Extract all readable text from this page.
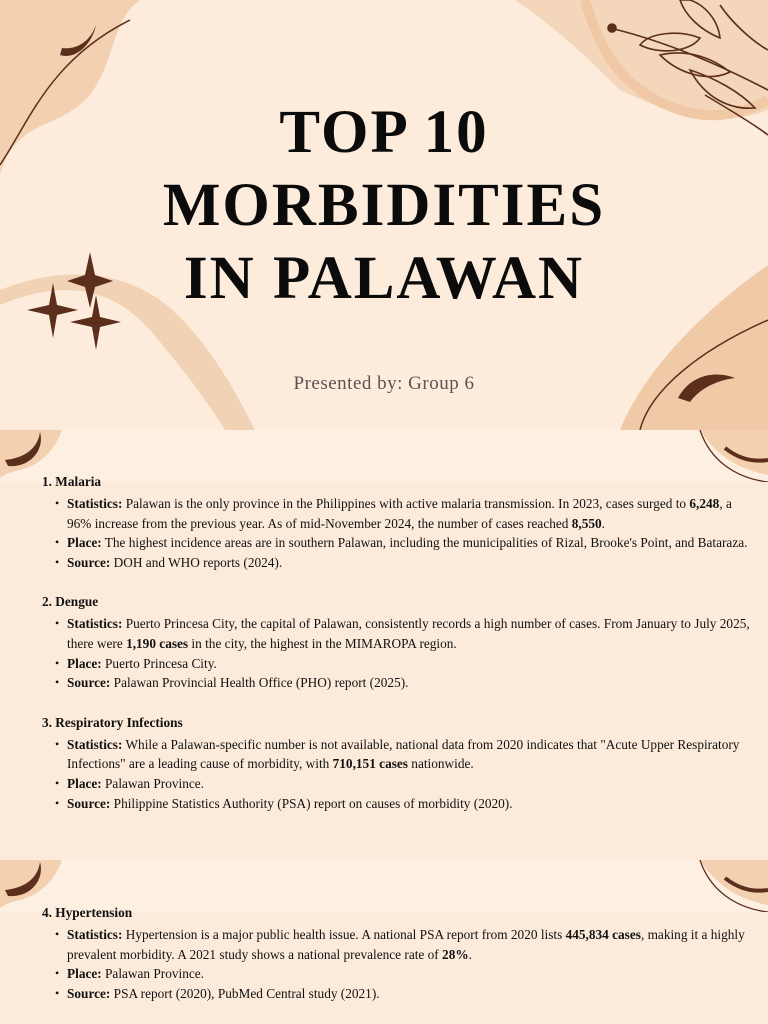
TOP 10
MORBIDITIES
IN PALAWAN
Presented by: Group 6
1. Malaria
• Statistics: Palawan is the only province in the Philippines with active malaria transmission. In 2023, cases surged to 6,248, a 96% increase from the previous year. As of mid-November 2024, the number of cases reached 8,550.
• Place: The highest incidence areas are in southern Palawan, including the municipalities of Rizal, Brooke's Point, and Bataraza.
• Source: DOH and WHO reports (2024).
2. Dengue
• Statistics: Puerto Princesa City, the capital of Palawan, consistently records a high number of cases. From January to July 2025, there were 1,190 cases in the city, the highest in the MIMAROPA region.
• Place: Puerto Princesa City.
• Source: Palawan Provincial Health Office (PHO) report (2025).
3. Respiratory Infections
• Statistics: While a Palawan-specific number is not available, national data from 2020 indicates that "Acute Upper Respiratory Infections" are a leading cause of morbidity, with 710,151 cases nationwide.
• Place: Palawan Province.
• Source: Philippine Statistics Authority (PSA) report on causes of morbidity (2020).
4. Hypertension
• Statistics: Hypertension is a major public health issue. A national PSA report from 2020 lists 445,834 cases, making it a highly prevalent morbidity. A 2021 study shows a national prevalence rate of 28%.
• Place: Palawan Province.
• Source: PSA report (2020), PubMed Central study (2021).
